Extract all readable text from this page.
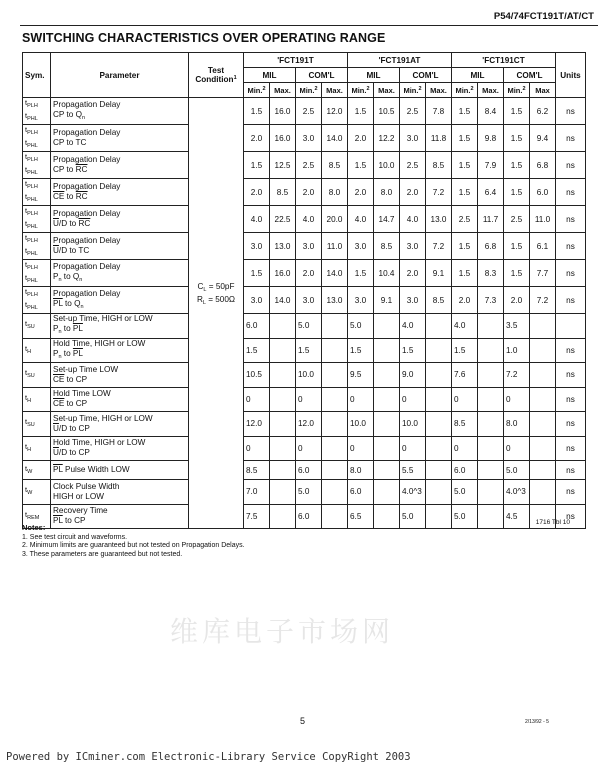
P54/74FCT191T/AT/CT
SWITCHING CHARACTERISTICS OVER OPERATING RANGE
维库电子市场网
Sym.	Parameter	Test Condition$^1$	'FCT191T				'FCT191AT				'FCT191CT				Units
			MIL		COM'L		MIL		COM'L		MIL		COM'L		
			Min.$^2$	Max.	Min.$^2$	Max.	Min.$^2$	Max.	Min.$^2$	Max.	Min.$^2$	Max.	Min.$^2$	Max	
$t_{PLH}$
$t_{PHL}$	Propagation Delay
CP to $Q_n$	$C_L = 50pF$
$R_L = 500\Omega$	1.5	16.0	2.5	12.0	1.5	10.5	2.5	7.8	1.5	8.4	1.5	6.2	ns
$t_{PLH}$
$t_{PHL}$	Propagation Delay
CP to TC		2.0	16.0	3.0	14.0	2.0	12.2	3.0	11.8	1.5	9.8	1.5	9.4	ns
$t_{PLH}$
$t_{PHL}$	Propagation Delay
CP to $\overline{RC}$		1.5	12.5	2.5	8.5	1.5	10.0	2.5	8.5	1.5	7.9	1.5	6.8	ns
$t_{PLH}$
$t_{PHL}$	Propagation Delay
$\overline{CE}$ to $\overline{RC}$		2.0	8.5	2.0	8.0	2.0	8.0	2.0	7.2	1.5	6.4	1.5	6.0	ns
$t_{PLH}$
$t_{PHL}$	Propagation Delay
$\overline{U}/D$ to $\overline{RC}$		4.0	22.5	4.0	20.0	4.0	14.7	4.0	13.0	2.5	11.7	2.5	11.0	ns
$t_{PLH}$
$t_{PHL}$	Propagation Delay
$\overline{U}/D$ to TC		3.0	13.0	3.0	11.0	3.0	8.5	3.0	7.2	1.5	6.8	1.5	6.1	ns
$t_{PLH}$
$t_{PHL}$	Propagation Delay
$P_n$ to $Q_n$		1.5	16.0	2.0	14.0	1.5	10.4	2.0	9.1	1.5	8.3	1.5	7.7	ns
$t_{PLH}$
$t_{PHL}$	Propagation Delay
$\overline{PL}$ to $Q_n$		3.0	14.0	3.0	13.0	3.0	9.1	3.0	8.5	2.0	7.3	2.0	7.2	ns
$t_{SU}$	Set-up Time, HIGH or LOW
$P_n$ to $\overline{PL}$		6.0		5.0		5.0		4.0		4.0		3.5		
$t_H$	Hold Time, HIGH or LOW
$P_n$ to $\overline{PL}$		1.5		1.5		1.5		1.5		1.5		1.0		ns
$t_{SU}$	Set-up Time LOW
$\overline{CE}$ to CP		10.5		10.0		9.5		9.0		7.6		7.2		ns
$t_H$	Hold Time LOW
$\overline{CE}$ to CP		0		0		0		0		0		0		ns
$t_{SU}$	Set-up Time, HIGH or LOW
$\overline{U}/D$ to CP		12.0		12.0		10.0		10.0		8.5		8.0		ns
$t_H$	Hold Time, HIGH or LOW
$\overline{U}/D$ to CP		0		0		0		0		0		0		ns
$t_W$	$\overline{PL}$ Pulse Width LOW		8.5		6.0		8.0		5.5		6.0		5.0		ns
$t_W$	Clock Pulse Width
HIGH or LOW		7.0		5.0		6.0		4.0^3		5.0		4.0^3		ns
$t_{REM}$	Recovery Time
$\overline{PL}$ to CP		7.5		6.0		6.5		5.0		5.0		4.5		ns
1716 Tbl 10
Notes:
1. See test circuit and waveforms.
2. Minimum limits are guaranteed but not tested on Propagation Delays.
3. These parameters are guaranteed but not tested.
5	2/13/92 - 5
Powered by ICminer.com Electronic-Library Service CopyRight 2003
